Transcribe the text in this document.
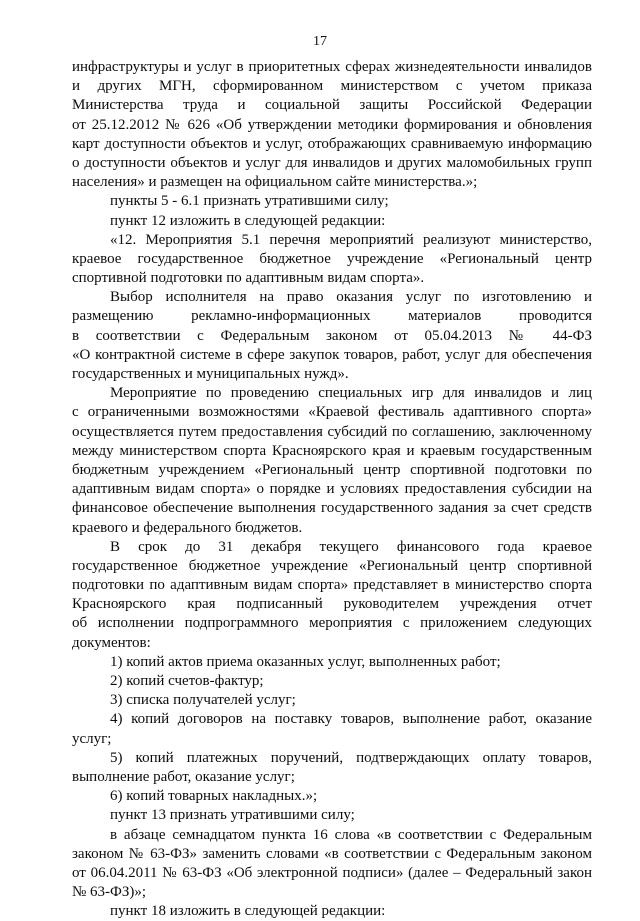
17
инфраструктуры и услуг в приоритетных сферах жизнедеятельности инвалидов
и других МГН, сформированном министерством с учетом приказа
Министерства труда и социальной защиты Российской Федерации
от 25.12.2012 № 626 «Об утверждении методики формирования и обновления
карт доступности объектов и услуг, отображающих сравниваемую информацию
о доступности объектов и услуг для инвалидов и других маломобильных групп
населения» и размещен на официальном сайте министерства.»;
пункты 5 - 6.1 признать утратившими силу;
пункт 12 изложить в следующей редакции:
«12. Мероприятия 5.1 перечня мероприятий реализуют министерство,
краевое государственное бюджетное учреждение «Региональный центр
спортивной подготовки по адаптивным видам спорта».
Выбор исполнителя на право оказания услуг по изготовлению и
размещению рекламно-информационных материалов проводится
в соответствии с Федеральным законом от 05.04.2013 № 44-ФЗ
«О контрактной системе в сфере закупок товаров, работ, услуг для обеспечения
государственных и муниципальных нужд».
Мероприятие по проведению специальных игр для инвалидов и лиц
с ограниченными возможностями «Краевой фестиваль адаптивного спорта»
осуществляется путем предоставления субсидий по соглашению, заключенному
между министерством спорта Красноярского края и краевым государственным
бюджетным учреждением «Региональный центр спортивной подготовки по
адаптивным видам спорта» о порядке и условиях предоставления субсидии на
финансовое обеспечение выполнения государственного задания за счет средств
краевого и федерального бюджетов.
В срок до 31 декабря текущего финансового года краевое
государственное бюджетное учреждение «Региональный центр спортивной
подготовки по адаптивным видам спорта» представляет в министерство спорта
Красноярского края подписанный руководителем учреждения отчет
об исполнении подпрограммного мероприятия с приложением следующих
документов:
1) копий актов приема оказанных услуг, выполненных работ;
2) копий счетов-фактур;
3) списка получателей услуг;
4) копий договоров на поставку товаров, выполнение работ, оказание
услуг;
5) копий платежных поручений, подтверждающих оплату товаров,
выполнение работ, оказание услуг;
6) копий товарных накладных.»;
пункт 13 признать утратившими силу;
в абзаце семнадцатом пункта 16 слова «в соответствии с Федеральным
законом № 63-ФЗ» заменить словами «в соответствии с Федеральным законом
от 06.04.2011 № 63-ФЗ «Об электронной подписи» (далее – Федеральный закон
№ 63-ФЗ)»;
пункт 18 изложить в следующей редакции:
